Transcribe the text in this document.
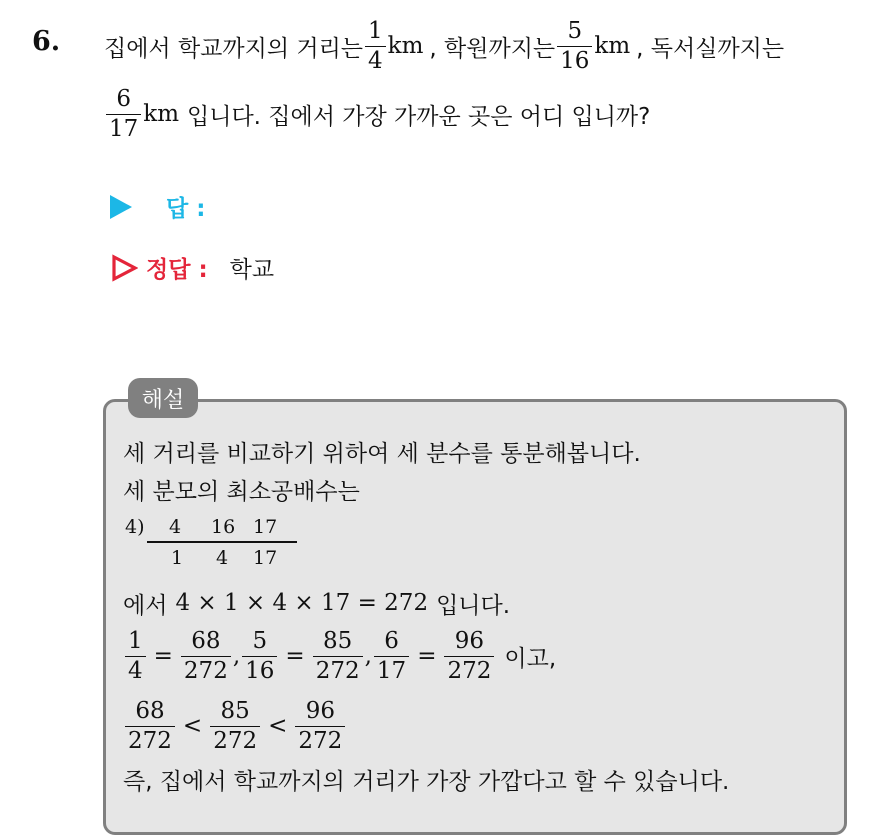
6. 집에서 학교까지의 거리는 $\frac{1}{4}$ km , 학원까지는 $\frac{5}{16}$ km , 독서실까지는
$\frac{6}{17}$ km 입니다. 집에서 가장 가까운 곳은 어디 입니까?
답 :
정답 : 학교
해설
세 거리를 비교하기 위하여 세 분수를 통분해봅니다.
세 분모의 최소공배수는
4) 4 16 17
1 4 17
에서 4 × 1 × 4 × 17 = 272 입니다.
$\frac{1}{4} = \frac{68}{272}$ , $\frac{5}{16} = \frac{85}{272}$ , $\frac{6}{17} = \frac{96}{272}$ 이고,
$\frac{68}{272} < \frac{85}{272} < \frac{96}{272}$
즉, 집에서 학교까지의 거리가 가장 가깝다고 할 수 있습니다.
